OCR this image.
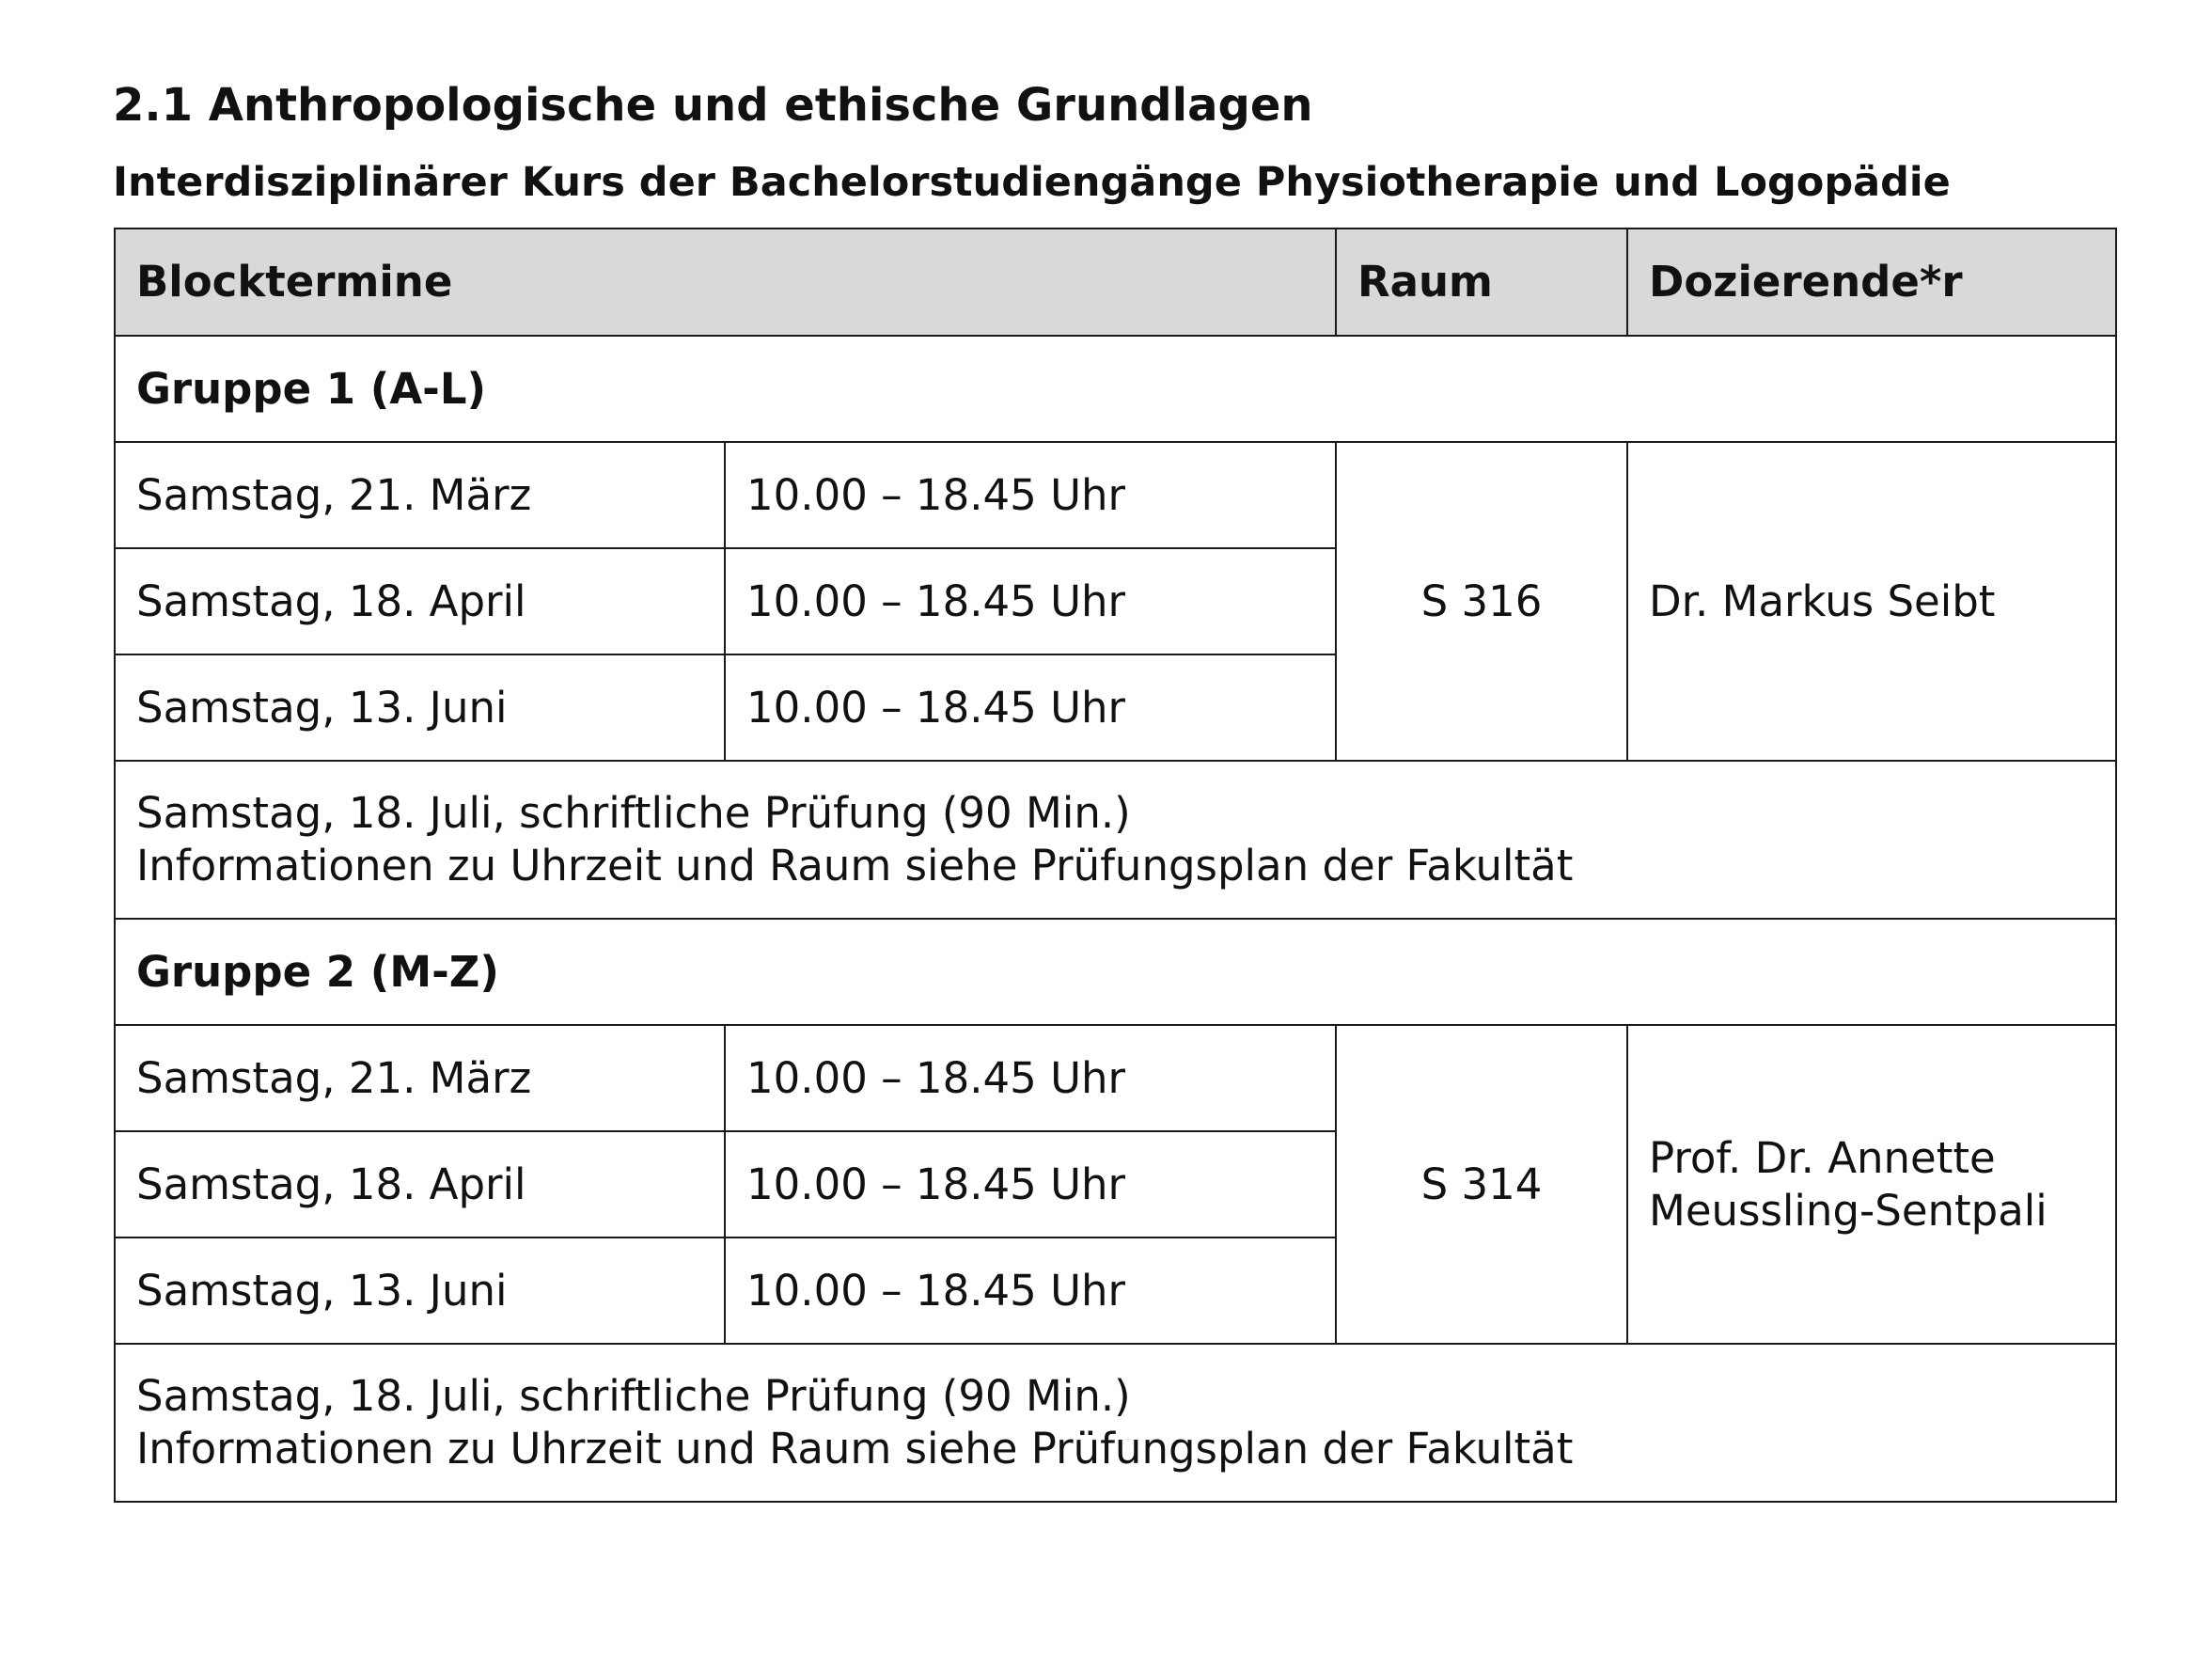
2.1 Anthropologische und ethische Grundlagen
Interdisziplinärer Kurs der Bachelorstudiengänge Physiotherapie und Logopädie
Blocktermine		Raum	Dozierende*r
Gruppe 1 (A-L)			
Samstag, 21. März	10.00 – 18.45 Uhr	S 316	Dr. Markus Seibt

Samstag, 18. April	10.00 – 18.45 Uhr		
Samstag, 13. Juni	10.00 – 18.45 Uhr		

Samstag, 18. Juli, schriftliche Prüfung (90 Min.)
Informationen zu Uhrzeit und Raum siehe Prüfungsplan der Fakultät			

Gruppe 2 (M-Z)			
Samstag, 21. März	10.00 – 18.45 Uhr	S 314	Prof. Dr. Annette
Meussling-Sentpali

Samstag, 18. April	10.00 – 18.45 Uhr		
Samstag, 13. Juni	10.00 – 18.45 Uhr		

Samstag, 18. Juli, schriftliche Prüfung (90 Min.)
Informationen zu Uhrzeit und Raum siehe Prüfungsplan der Fakultät			
